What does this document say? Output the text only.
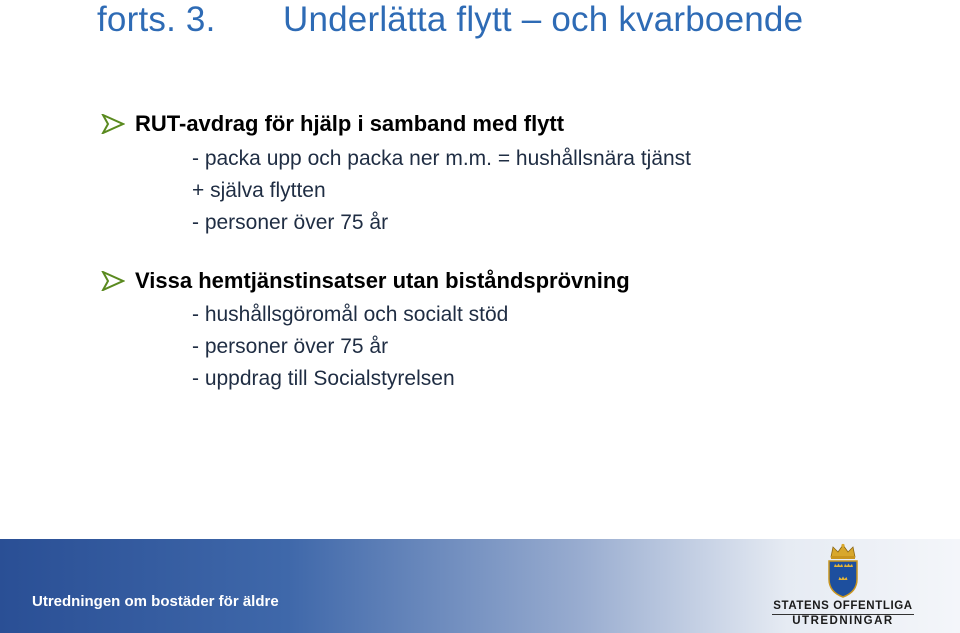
forts. 3. Underlätta flytt – och kvarboende
RUT-avdrag för hjälp i samband med flytt
- packa upp och packa ner m.m. = hushållsnära tjänst
+ själva flytten
- personer över 75 år
Vissa hemtjänstinsatser utan biståndsprövning
- hushållsgöromål och socialt stöd
- personer över 75 år
- uppdrag till Socialstyrelsen
Utredningen om bostäder för äldre	STATENS OFFENTLIGA
UTREDNINGAR
